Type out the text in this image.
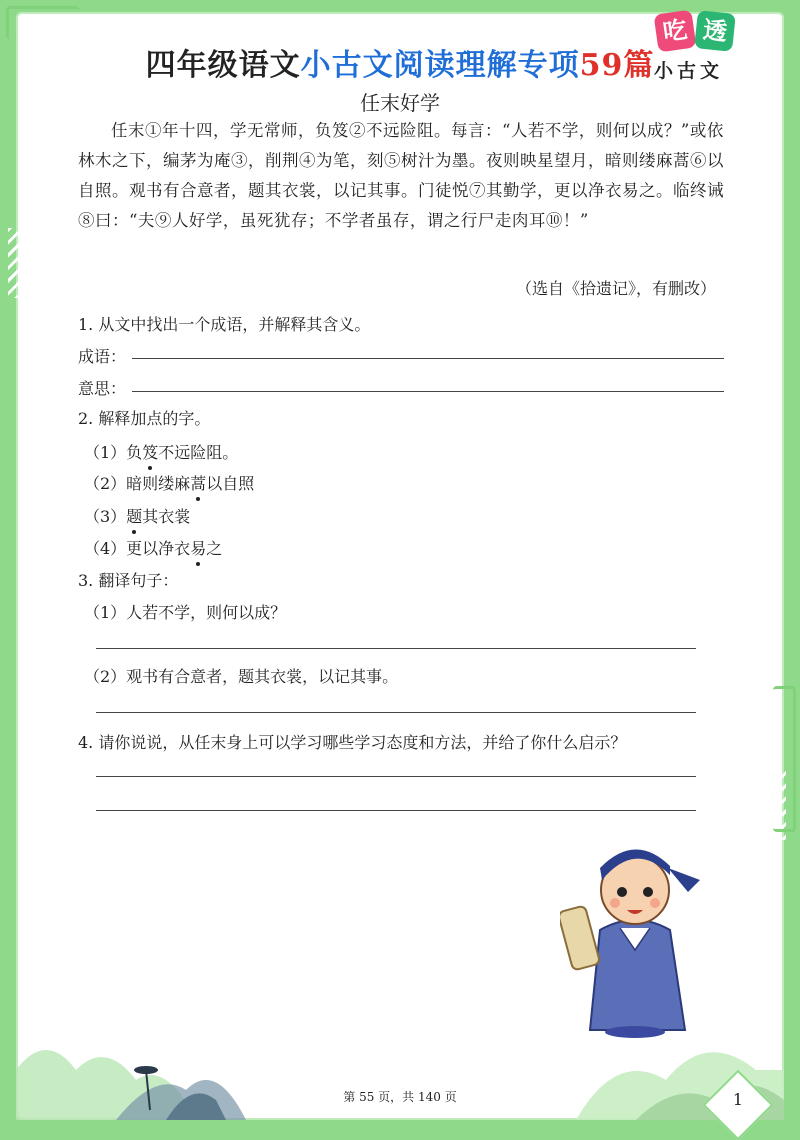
四年级语文小古文阅读理解专项59篇
吃 透
小古文
任末好学
任末①年十四，学无常师，负笈②不远险阻。每言：“人若不学，则何以成？”或依林木之下，编茅为庵③，削荆④为笔，刻⑤树汁为墨。夜则映星望月，暗则缕麻蒿⑥以自照。观书有合意者，题其衣裳，以记其事。门徒悦⑦其勤学，更以净衣易之。临终诫⑧曰：“夫⑨人好学，虽死犹存；不学者虽存，谓之行尸走肉耳⑩！”
（选自《拾遗记》，有删改）
1. 从文中找出一个成语，并解释其含义。
成语：
意思：
2. 解释加点的字。
（1）负笈不远险阻。
（2）暗则缕麻蒿以自照
（3）题其衣裳
（4）更以净衣易之
3. 翻译句子：
（1）人若不学，则何以成？
（2）观书有合意者，题其衣裳，以记其事。
4. 请你说说，从任末身上可以学习哪些学习态度和方法，并给了你什么启示？
第 55 页，共 140 页	1
